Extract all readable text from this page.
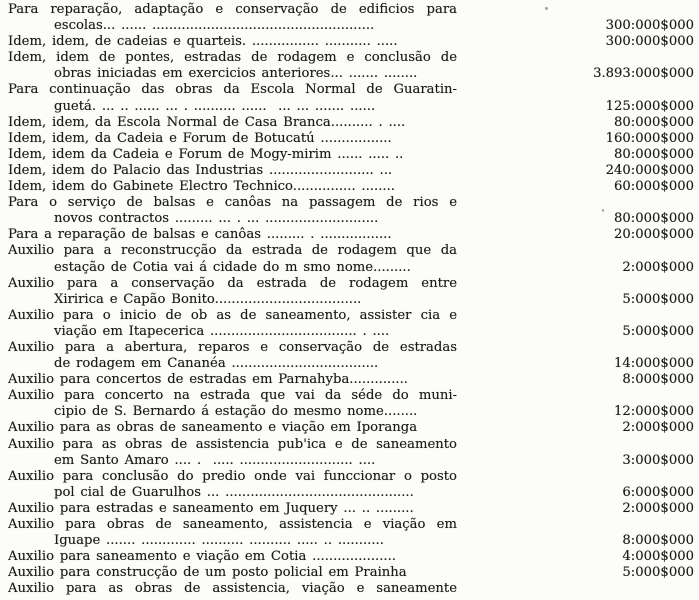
Para reparação, adaptação e conservação de edificios para
escolas... ...... .....................................................	300:000$000
Idem, idem, de cadeias e quarteis. ................ ........... .....	300:000$000
Idem, idem de pontes, estradas de rodagem e conclusão de
obras iniciadas em exercicios anteriores... ....... ........	3.893:000$000
Para continuação das obras da Escola Normal de Guaratin-
guetá. ... .. ...... ... . .......... ......  ... ... ....... ......	125:000$000
Idem, idem, da Escola Normal de Casa Branca.......... . ....	80:000$000
Idem, idem, da Cadeia e Forum de Botucatú .................	160:000$000
Idem, idem da Cadeia e Forum de Mogy-mirim ...... ..... ..	80:000$000
Idem, idem do Palacio das Industrias ......................... ...	240:000$000
Idem, idem do Gabinete Electro Technico............... ........	60:000$000
Para o serviço de balsas e canôas na passagem de rios e
novos contractos ......... ... . ... ...........................	80:000$000
Para a reparação de balsas e canôas ......... . .................	20:000$000
Auxilio para a reconstrucção da estrada de rodagem que da
estação de Cotia vai á cidade do m smo nome.........	2:000$000
Auxilio para a conservação da estrada de rodagem entre
Xiririca e Capão Bonito...................................	5:000$000
Auxilio para o inicio de ob as de saneamento, assister cia e
viação em Itapecerica ................................... . ....	5:000$000
Auxilio para a abertura, reparos e conservação de estradas
de rodagem em Cananéa ...................................	14:000$000
Auxilio para concertos de estradas em Parnahyba..............	8:000$000
Auxilio para concerto na estrada que vai da séde do muni-
cipio de S. Bernardo á estação do mesmo nome........	12:000$000
Auxilio para as obras de saneamento e viação em Iporanga	2:000$000
Auxilio para as obras de assistencia pub'ica e de saneamento
em Santo Amaro .... .  ..... ........................... ....	3:000$000
Auxilio para conclusão do predio onde vai funccionar o posto
pol cial de Guarulhos ... .............................................	6:000$000
Auxilio para estradas e saneamento em Juquery ... .. .........	2:000$000
Auxilio para obras de saneamento, assistencia e viação em
Iguape ....... ............. .......... .......... ..... .. ...........	8:000$000
Auxilio para saneamento e viação em Cotia ....................	4:000$000
Auxilio para construcção de um posto policial em Prainha	5:000$000
Auxilio para as obras de assistencia, viação e saneamente
